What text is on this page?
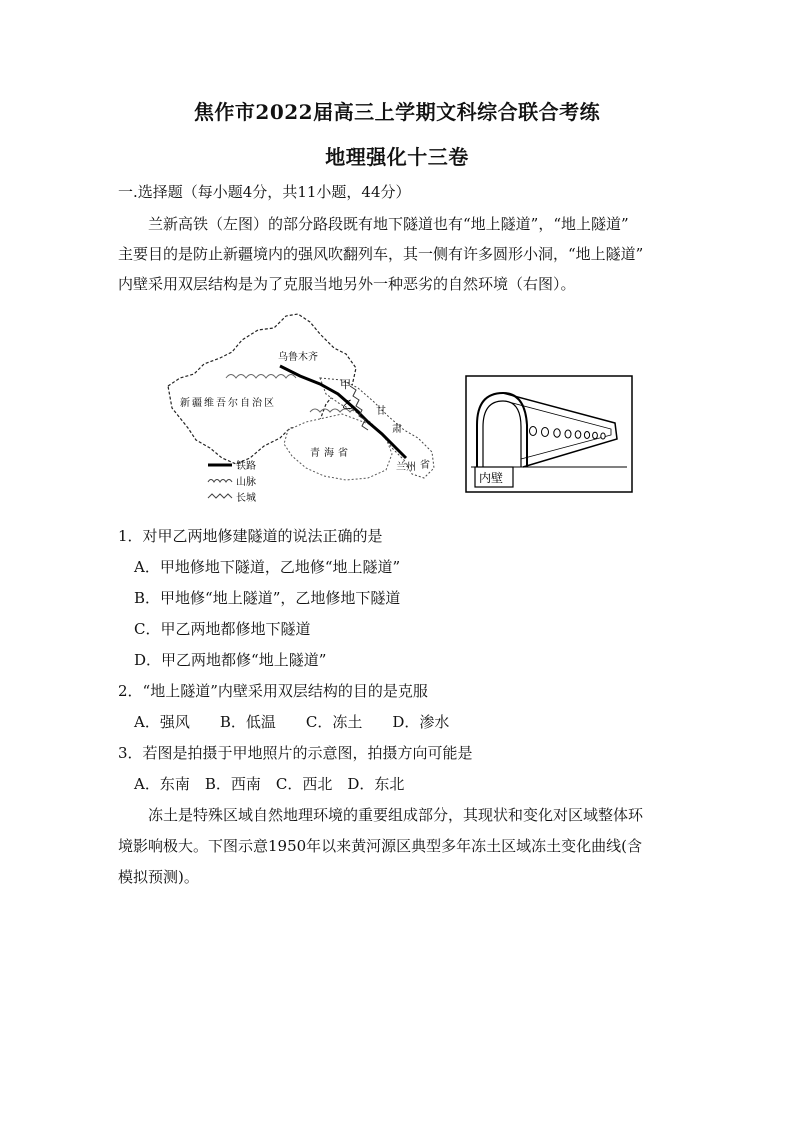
焦作市2022届高三上学期文科综合联合考练
地理强化十三卷
一.选择题（每小题4分，共11小题，44分）
兰新高铁（左图）的部分路段既有地下隧道也有“地上隧道”，“地上隧道”
主要目的是防止新疆境内的强风吹翻列车，其一侧有许多圆形小洞，“地上隧道”
内壁采用双层结构是为了克服当地另外一种恶劣的自然环境（右图）。
乌鲁木齐
甲
乙
新疆维吾尔自治区
青海省
甘
肃
兰州 省
铁路
山脉
长城
内壁
1．对甲乙两地修建隧道的说法正确的是
A．甲地修地下隧道，乙地修“地上隧道”
B．甲地修“地上隧道”，乙地修地下隧道
C．甲乙两地都修地下隧道
D．甲乙两地都修“地上隧道”
2．“地上隧道”内壁采用双层结构的目的是克服
A．强风　　B．低温　　C．冻土　　D．渗水
3．若图是拍摄于甲地照片的示意图，拍摄方向可能是
A．东南　B．西南　C．西北　D．东北
冻土是特殊区域自然地理环境的重要组成部分，其现状和变化对区域整体环
境影响极大。下图示意1950年以来黄河源区典型多年冻土区域冻土变化曲线(含
模拟预测)。
